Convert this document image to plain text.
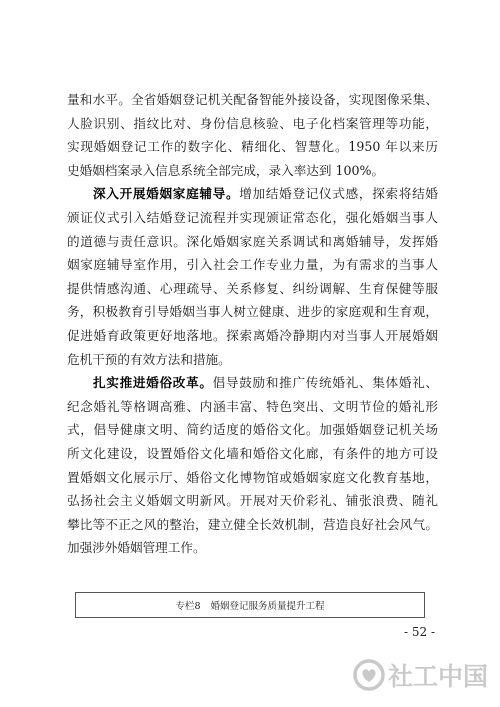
量和水平。全省婚姻登记机关配备智能外接设备，实现图像采集、
人脸识别、指纹比对、身份信息核验、电子化档案管理等功能，
实现婚姻登记工作的数字化、精细化、智慧化。1950 年以来历
史婚姻档案录入信息系统全部完成，录入率达到 100%。
深入开展婚姻家庭辅导。增加结婚登记仪式感，探索将结婚
颁证仪式引入结婚登记流程并实现颁证常态化，强化婚姻当事人
的道德与责任意识。深化婚姻家庭关系调试和离婚辅导，发挥婚
姻家庭辅导室作用，引入社会工作专业力量，为有需求的当事人
提供情感沟通、心理疏导、关系修复、纠纷调解、生育保健等服
务，积极教育引导婚姻当事人树立健康、进步的家庭观和生育观，
促进婚育政策更好地落地。探索离婚冷静期内对当事人开展婚姻
危机干预的有效方法和措施。
扎实推进婚俗改革。倡导鼓励和推广传统婚礼、集体婚礼、
纪念婚礼等格调高雅、内涵丰富、特色突出、文明节俭的婚礼形
式，倡导健康文明、简约适度的婚俗文化。加强婚姻登记机关场
所文化建设，设置婚俗文化墙和婚俗文化廊，有条件的地方可设
置婚姻文化展示厅、婚俗文化博物馆或婚姻家庭文化教育基地，
弘扬社会主义婚姻文明新风。开展对天价彩礼、铺张浪费、随礼
攀比等不正之风的整治，建立健全长效机制，营造良好社会风气。
加强涉外婚姻管理工作。
专栏8 婚姻登记服务质量提升工程
- 52 -
社工中国
